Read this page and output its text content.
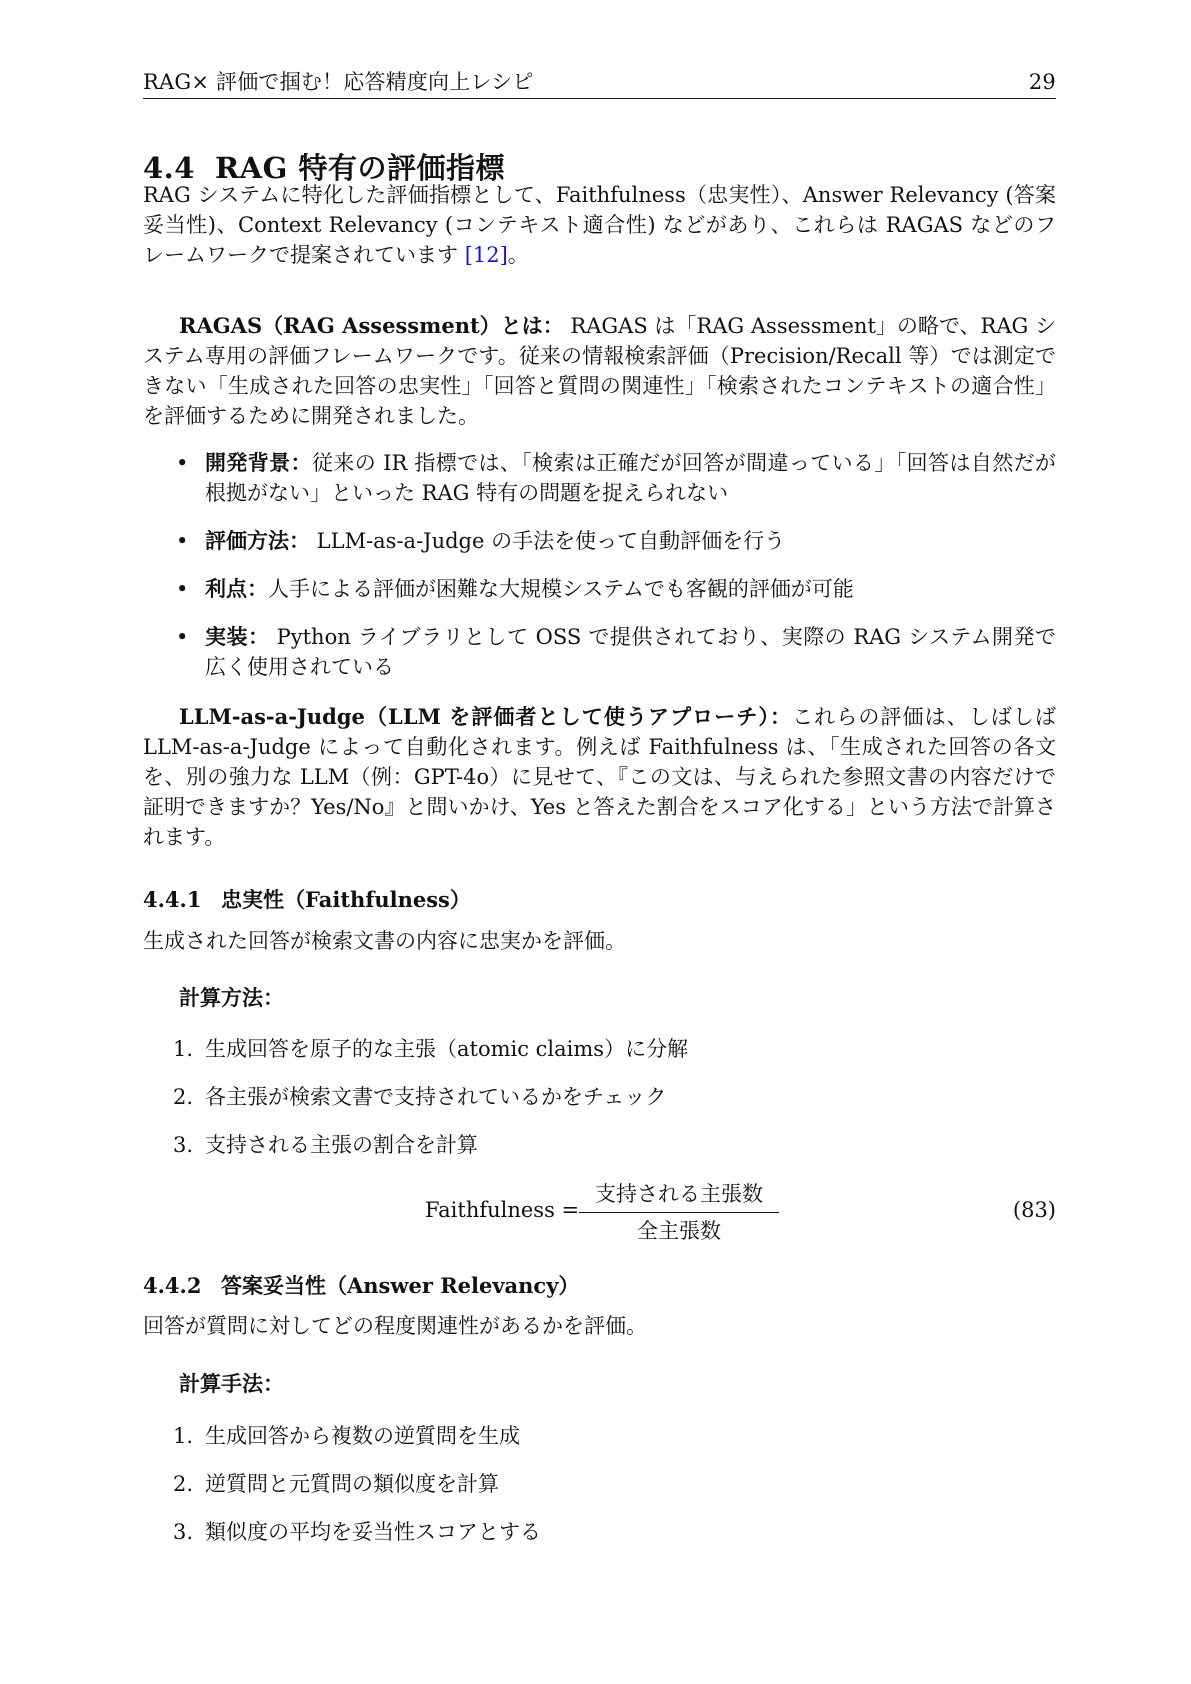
RAG× 評価で掴む！応答精度向上レシピ	29
4.4 RAG 特有の評価指標
RAG システムに特化した評価指標として、Faithfulness（忠実性）、Answer Relevancy (答案妥当性)、Context Relevancy (コンテキスト適合性) などがあり、これらは RAGAS などのフレームワークで提案されています [12]。
RAGAS（RAG Assessment）とは： RAGAS は「RAG Assessment」の略で、RAG システム専用の評価フレームワークです。従来の情報検索評価（Precision/Recall 等）では測定できない「生成された回答の忠実性」「回答と質問の関連性」「検索されたコンテキストの適合性」を評価するために開発されました。
• 開発背景：従来の IR 指標では、「検索は正確だが回答が間違っている」「回答は自然だが根拠がない」といった RAG 特有の問題を捉えられない
• 評価方法： LLM-as-a-Judge の手法を使って自動評価を行う
• 利点：人手による評価が困難な大規模システムでも客観的評価が可能
• 実装： Python ライブラリとして OSS で提供されており、実際の RAG システム開発で広く使用されている
LLM-as-a-Judge（LLM を評価者として使うアプローチ）：これらの評価は、しばしば LLM-as-a-Judge によって自動化されます。例えば Faithfulness は、「生成された回答の各文を、別の強力な LLM（例：GPT-4o）に見せて、『この文は、与えられた参照文書の内容だけで証明できますか？Yes/No』と問いかけ、Yes と答えた割合をスコア化する」という方法で計算されます。
4.4.1 忠実性（Faithfulness）
生成された回答が検索文書の内容に忠実かを評価。
計算方法：
1. 生成回答を原子的な主張（atomic claims）に分解
2. 各主張が検索文書で支持されているかをチェック
3. 支持される主張の割合を計算
Faithfulness =
支持される主張数
全主張数
(83)
4.4.2 答案妥当性（Answer Relevancy）
回答が質問に対してどの程度関連性があるかを評価。
計算手法：
1. 生成回答から複数の逆質問を生成
2. 逆質問と元質問の類似度を計算
3. 類似度の平均を妥当性スコアとする
